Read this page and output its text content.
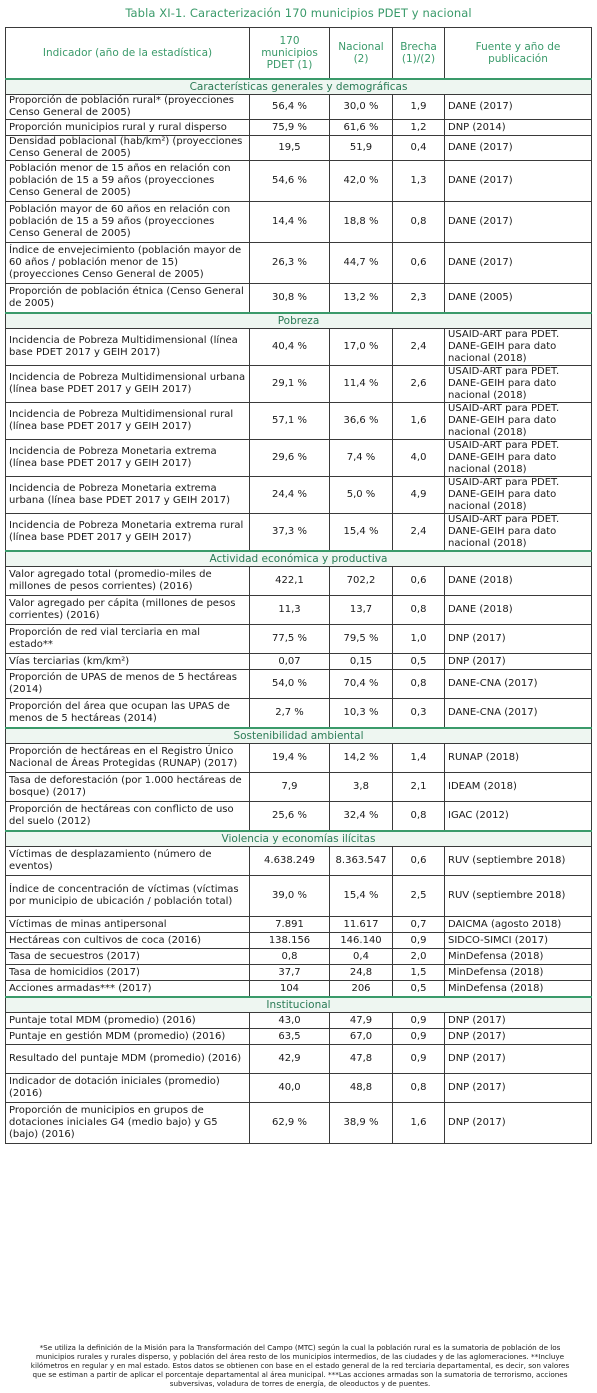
Tabla XI-1. Caracterización 170 municipios PDET y nacional
Indicador (año de la estadística)	170 municipios PDET (1)	Nacional (2)	Brecha (1)/(2)	Fuente y año de publicación
Características generales y demográficas				
Proporción de población rural* (proyecciones Censo General de 2005)	56,4 %	30,0 %	1,9	DANE (2017)
Proporción municipios rural y rural disperso	75,9 %	61,6 %	1,2	DNP (2014)
Densidad poblacional (hab/km²) (proyecciones Censo General de 2005)	19,5	51,9	0,4	DANE (2017)
Población menor de 15 años en relación con población de 15 a 59 años (proyecciones Censo General de 2005)	54,6 %	42,0 %	1,3	DANE (2017)
Población mayor de 60 años en relación con población de 15 a 59 años (proyecciones Censo General de 2005)	14,4 %	18,8 %	0,8	DANE (2017)
Índice de envejecimiento (población mayor de 60 años / población menor de 15) (proyecciones Censo General de 2005)	26,3 %	44,7 %	0,6	DANE (2017)
Proporción de población étnica (Censo General de 2005)	30,8 %	13,2 %	2,3	DANE (2005)
Pobreza				
Incidencia de Pobreza Multidimensional (línea base PDET 2017 y GEIH 2017)	40,4 %	17,0 %	2,4	USAID-ART para PDET. DANE-GEIH para dato nacional (2018)
Incidencia de Pobreza Multidimensional urbana (línea base PDET 2017 y GEIH 2017)	29,1 %	11,4 %	2,6	USAID-ART para PDET. DANE-GEIH para dato nacional (2018)
Incidencia de Pobreza Multidimensional rural (línea base PDET 2017 y GEIH 2017)	57,1 %	36,6 %	1,6	USAID-ART para PDET. DANE-GEIH para dato nacional (2018)
Incidencia de Pobreza Monetaria extrema (línea base PDET 2017 y GEIH 2017)	29,6 %	7,4 %	4,0	USAID-ART para PDET. DANE-GEIH para dato nacional (2018)
Incidencia de Pobreza Monetaria extrema urbana (línea base PDET 2017 y GEIH 2017)	24,4 %	5,0 %	4,9	USAID-ART para PDET. DANE-GEIH para dato nacional (2018)
Incidencia de Pobreza Monetaria extrema rural (línea base PDET 2017 y GEIH 2017)	37,3 %	15,4 %	2,4	USAID-ART para PDET. DANE-GEIH para dato nacional (2018)
Actividad económica y productiva				
Valor agregado total (promedio-miles de millones de pesos corrientes) (2016)	422,1	702,2	0,6	DANE (2018)
Valor agregado per cápita (millones de pesos corrientes) (2016)	11,3	13,7	0,8	DANE (2018)
Proporción de red vial terciaria en mal estado**	77,5 %	79,5 %	1,0	DNP (2017)
Vías terciarias (km/km²)	0,07	0,15	0,5	DNP (2017)
Proporción de UPAS de menos de 5 hectáreas (2014)	54,0 %	70,4 %	0,8	DANE-CNA (2017)
Proporción del área que ocupan las UPAS de menos de 5 hectáreas (2014)	2,7 %	10,3 %	0,3	DANE-CNA (2017)
Sostenibilidad ambiental				
Proporción de hectáreas en el Registro Único Nacional de Áreas Protegidas (RUNAP) (2017)	19,4 %	14,2 %	1,4	RUNAP (2018)
Tasa de deforestación (por 1.000 hectáreas de bosque) (2017)	7,9	3,8	2,1	IDEAM (2018)
Proporción de hectáreas con conflicto de uso del suelo (2012)	25,6 %	32,4 %	0,8	IGAC (2012)
Violencia y economías ilícitas				
Víctimas de desplazamiento (número de eventos)	4.638.249	8.363.547	0,6	RUV (septiembre 2018)
Índice de concentración de víctimas (víctimas por municipio de ubicación / población total)	39,0 %	15,4 %	2,5	RUV (septiembre 2018)
Víctimas de minas antipersonal	7.891	11.617	0,7	DAICMA (agosto 2018)
Hectáreas con cultivos de coca (2016)	138.156	146.140	0,9	SIDCO-SIMCI (2017)
Tasa de secuestros (2017)	0,8	0,4	2,0	MinDefensa (2018)
Tasa de homicidios (2017)	37,7	24,8	1,5	MinDefensa (2018)
Acciones armadas*** (2017)	104	206	0,5	MinDefensa (2018)
Institucional				
Puntaje total MDM (promedio) (2016)	43,0	47,9	0,9	DNP (2017)
Puntaje en gestión MDM (promedio) (2016)	63,5	67,0	0,9	DNP (2017)
Resultado del puntaje MDM (promedio) (2016)	42,9	47,8	0,9	DNP (2017)
Indicador de dotación iniciales (promedio) (2016)	40,0	48,8	0,8	DNP (2017)
Proporción de municipios en grupos de dotaciones iniciales G4 (medio bajo) y G5 (bajo) (2016)	62,9 %	38,9 %	1,6	DNP (2017)
*Se utiliza la definición de la Misión para la Transformación del Campo (MTC) según la cual la población rural es la sumatoria de población de los municipios rurales y rurales disperso, y población del área resto de los municipios intermedios, de las ciudades y de las aglomeraciones. **Incluye kilómetros en regular y en mal estado. Estos datos se obtienen con base en el estado general de la red terciaria departamental, es decir, son valores que se estiman a partir de aplicar el porcentaje departamental al área municipal. ***Las acciones armadas son la sumatoria de terrorismo, acciones subversivas, voladura de torres de energía, de oleoductos y de puentes.
